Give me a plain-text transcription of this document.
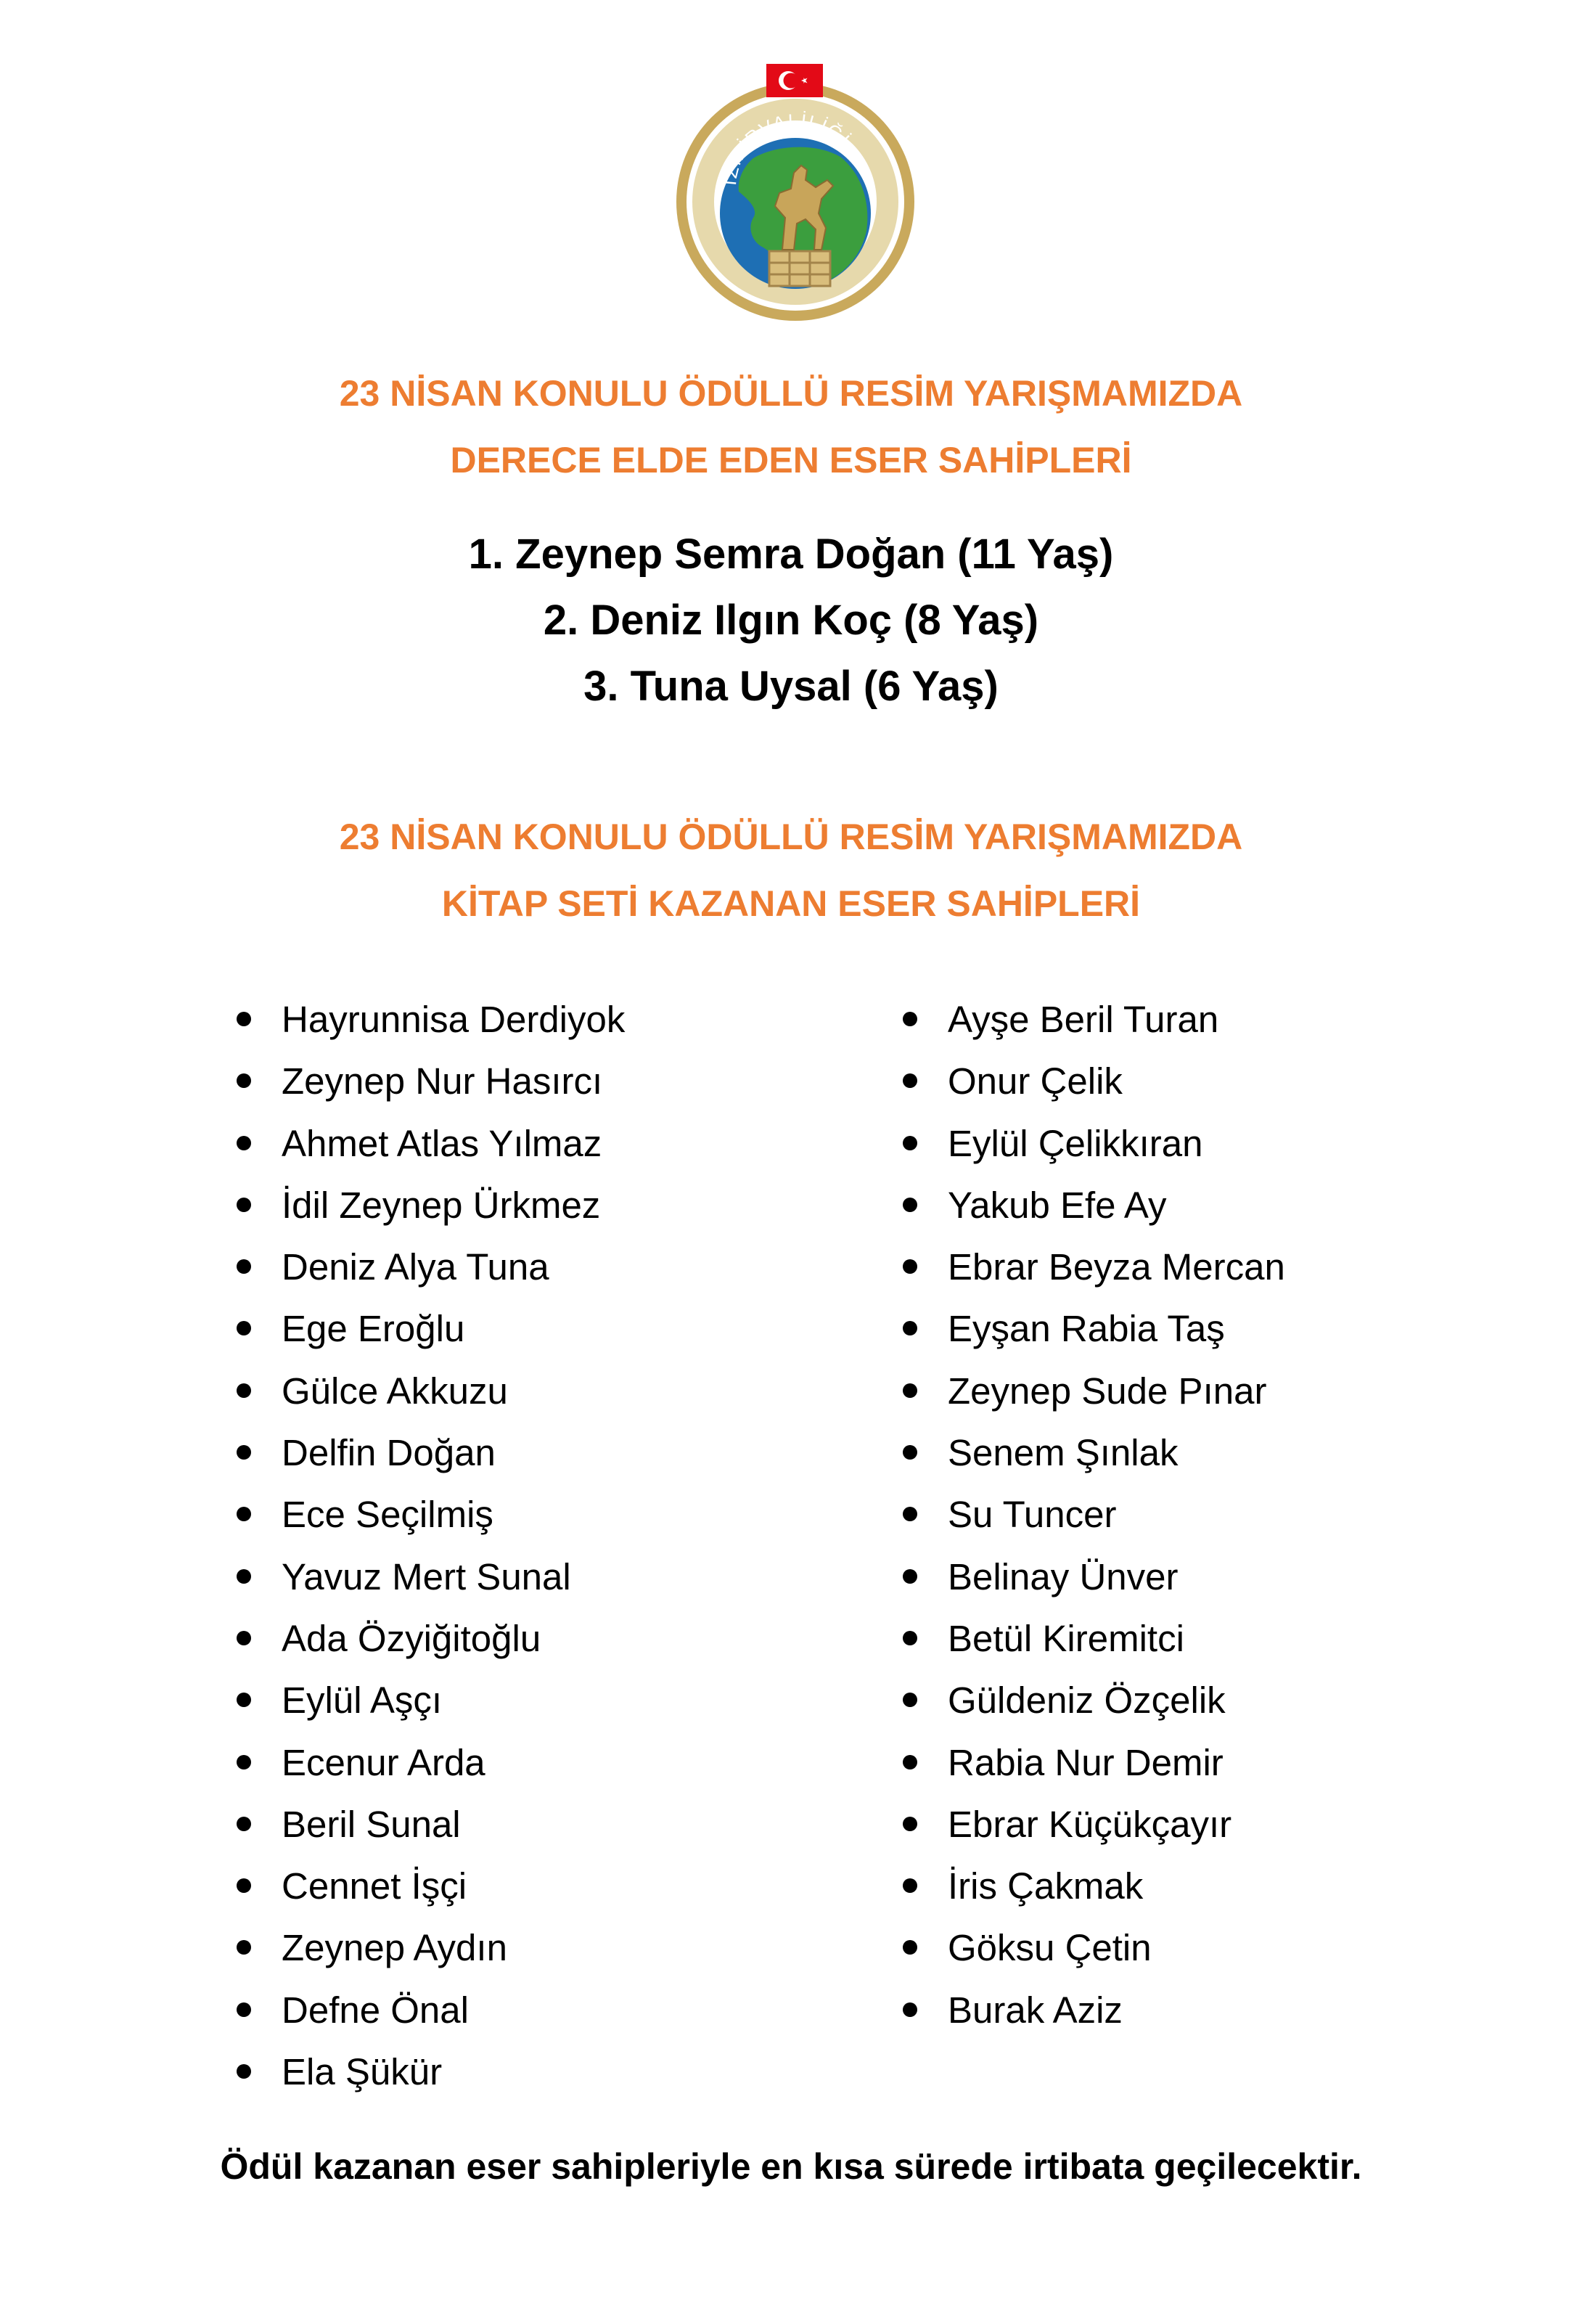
İZMİRVALİLİĞİ
23 NİSAN KONULU ÖDÜLLÜ RESİM YARIŞMAMIZDA
DERECE ELDE EDEN ESER SAHİPLERİ
1. Zeynep Semra Doğan (11 Yaş)
2. Deniz Ilgın Koç (8 Yaş)
3. Tuna Uysal (6 Yaş)
23 NİSAN KONULU ÖDÜLLÜ RESİM YARIŞMAMIZDA
KİTAP SETİ KAZANAN ESER SAHİPLERİ
Hayrunnisa Derdiyok
Zeynep Nur Hasırcı
Ahmet Atlas Yılmaz
İdil Zeynep Ürkmez
Deniz Alya Tuna
Ege Eroğlu
Gülce Akkuzu
Delfin Doğan
Ece Seçilmiş
Yavuz Mert Sunal
Ada Özyiğitoğlu
Eylül Aşçı
Ecenur Arda
Beril Sunal
Cennet İşçi
Zeynep Aydın
Defne Önal
Ela Şükür
Ayşe Beril Turan
Onur Çelik
Eylül Çelikkıran
Yakub Efe Ay
Ebrar Beyza Mercan
Eyşan Rabia Taş
Zeynep Sude Pınar
Senem Şınlak
Su Tuncer
Belinay Ünver
Betül Kiremitci
Güldeniz Özçelik
Rabia Nur Demir
Ebrar Küçükçayır
İris Çakmak
Göksu Çetin
Burak Aziz
Ödül kazanan eser sahipleriyle en kısa sürede irtibata geçilecektir.
